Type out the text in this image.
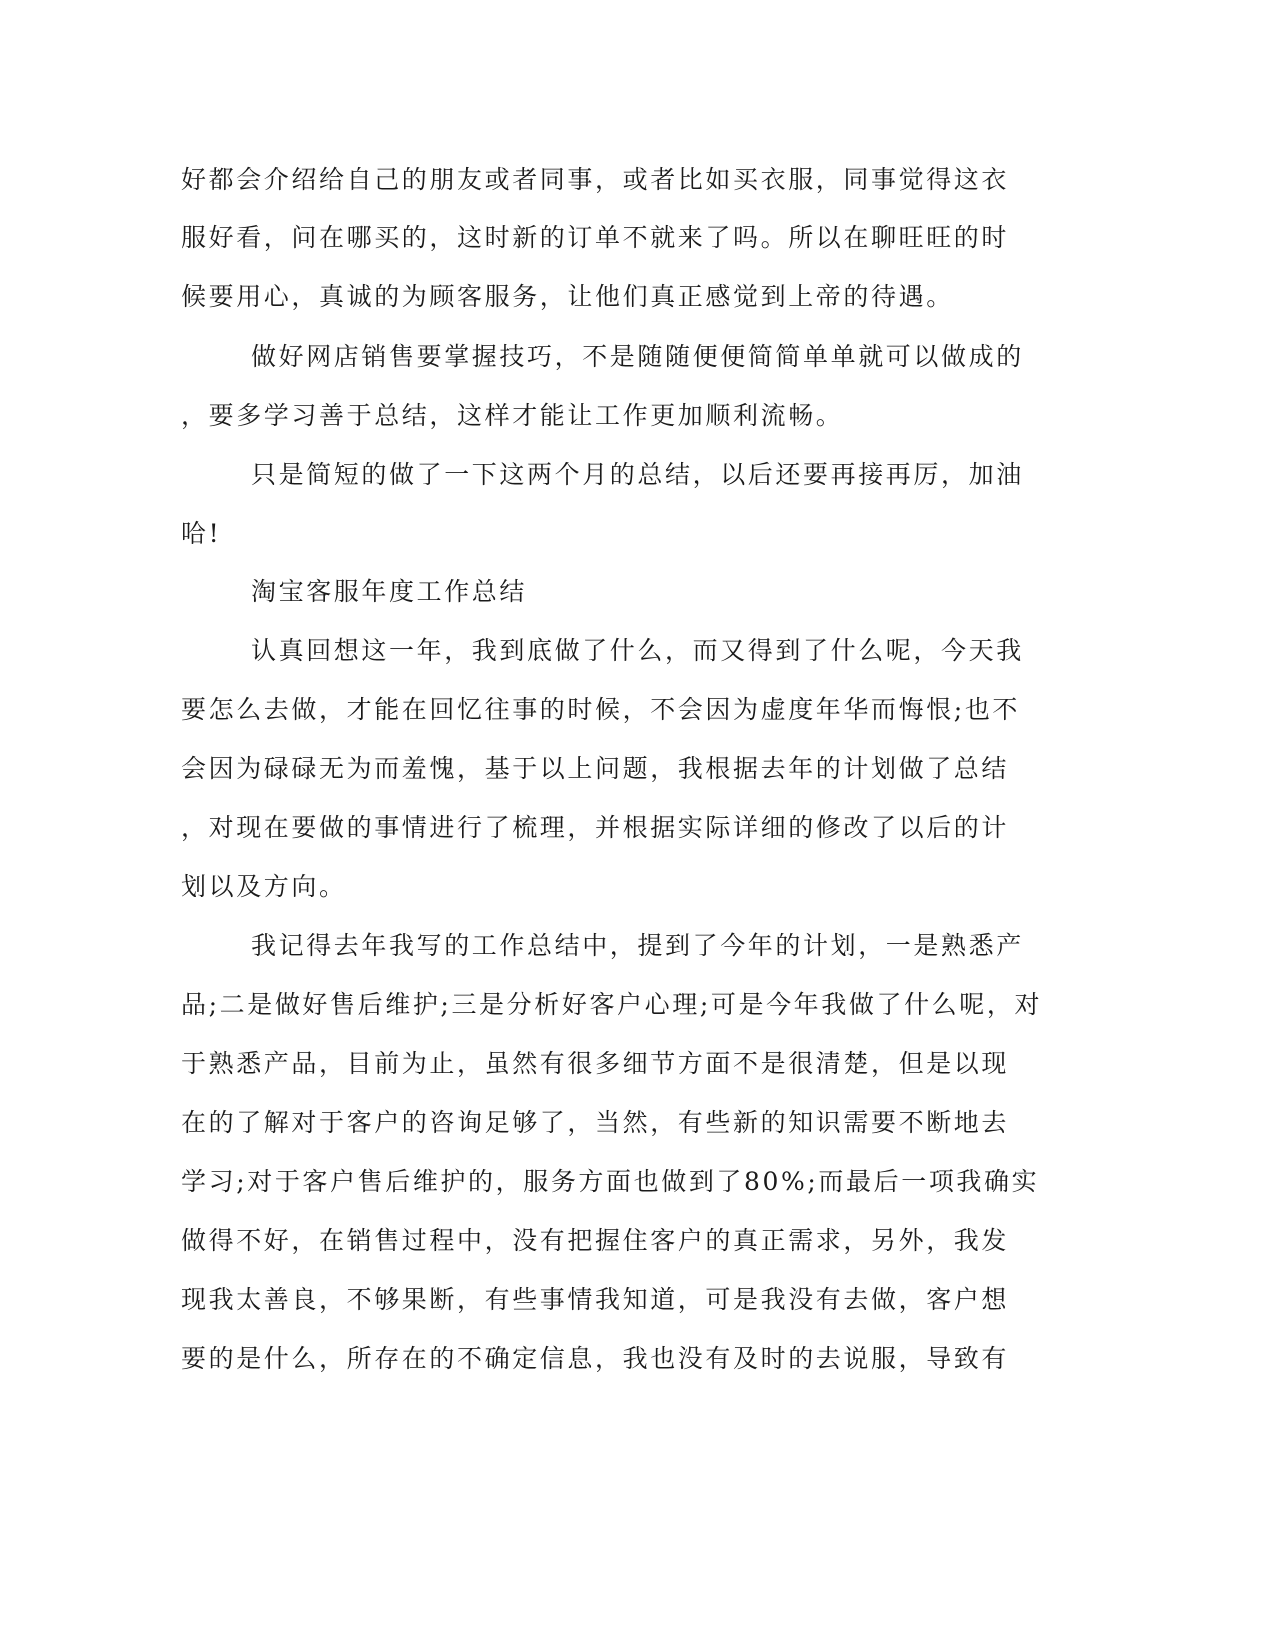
好都会介绍给自己的朋友或者同事，或者比如买衣服，同事觉得这衣

服好看，问在哪买的，这时新的订单不就来了吗。所以在聊旺旺的时

候要用心，真诚的为顾客服务，让他们真正感觉到上帝的待遇。

做好网店销售要掌握技巧，不是随随便便简简单单就可以做成的

，要多学习善于总结，这样才能让工作更加顺利流畅。

只是简短的做了一下这两个月的总结，以后还要再接再厉，加油

哈!

淘宝客服年度工作总结

认真回想这一年，我到底做了什么，而又得到了什么呢，今天我

要怎么去做，才能在回忆往事的时候，不会因为虚度年华而悔恨;也不

会因为碌碌无为而羞愧，基于以上问题，我根据去年的计划做了总结

，对现在要做的事情进行了梳理，并根据实际详细的修改了以后的计

划以及方向。

我记得去年我写的工作总结中，提到了今年的计划，一是熟悉产

品;二是做好售后维护;三是分析好客户心理;可是今年我做了什么呢，对

于熟悉产品，目前为止，虽然有很多细节方面不是很清楚，但是以现

在的了解对于客户的咨询足够了，当然，有些新的知识需要不断地去

学习;对于客户售后维护的，服务方面也做到了80%;而最后一项我确实

做得不好，在销售过程中，没有把握住客户的真正需求，另外，我发

现我太善良，不够果断，有些事情我知道，可是我没有去做，客户想

要的是什么，所存在的不确定信息，我也没有及时的去说服，导致有
